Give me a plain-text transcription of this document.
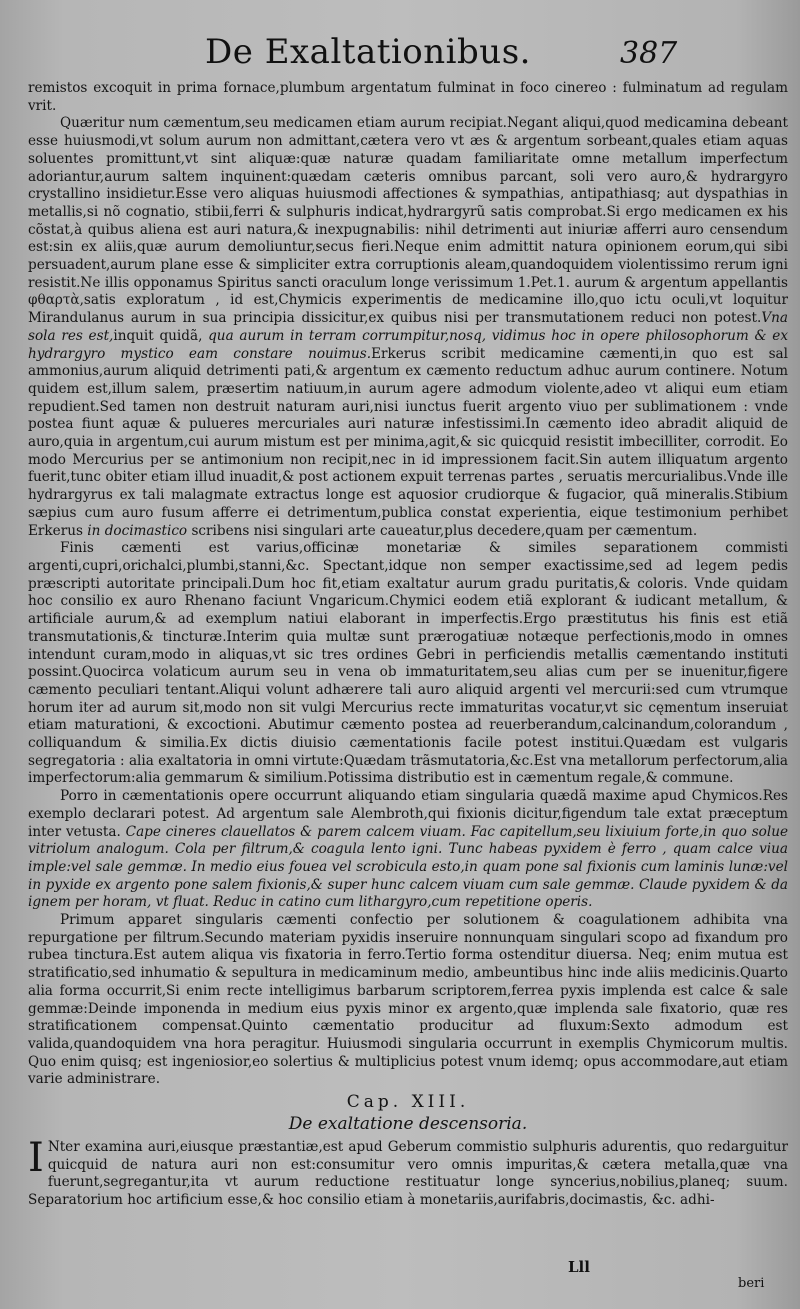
De Exaltationibus.	387

remistos excoquit in prima fornace,plumbum argentatum fulminat in foco cinereo : fulminatum ad regulam vrit.

Quæritur num cæmentum,seu medicamen etiam aurum recipiat.Negant aliqui,quod medicamina debeant esse huiusmodi,vt solum aurum non admittant,cætera vero vt æs & argentum sorbeant,quales etiam aquas soluentes promittunt,vt sint aliquæ:quæ naturæ quadam familiaritate omne metallum imperfectum adoriantur,aurum saltem inquinent:quædam cæteris omnibus parcant, soli vero auro,& hydrargyro crystallino insidietur.Esse vero aliquas huiusmodi affectiones & sympathias, antipathiasq; aut dyspathias in metallis,si nõ cognatio, stibii,ferri & sulphuris indicat,hydrargyrũ satis comprobat.Si ergo medicamen ex his cõstat,à quibus aliena est auri natura,& inexpugnabilis: nihil detrimenti aut iniuriæ afferri auro censendum est:sin ex aliis,quæ aurum demoliuntur,secus fieri.Neque enim admittit natura opinionem eorum,qui sibi persuadent,aurum plane esse & simpliciter extra corruptionis aleam,quandoquidem violentissimo rerum igni resistit.Ne illis opponamus Spiritus sancti oraculum longe verissimum 1.Pet.1. aurum & argentum appellantis φθαρτὰ,satis exploratum , id est,Chymicis experimentis de medicamine illo,quo ictu oculi,vt loquitur Mirandulanus aurum in sua principia dissicitur,ex quibus nisi per transmutationem reduci non potest.Vna sola res est,inquit quidã, qua aurum in terram corrumpitur,nosq, vidimus hoc in opere philosophorum & ex hydrargyro mystico eam constare nouimus.Erkerus scribit medicamine cæmenti,in quo est sal ammonius,aurum aliquid detrimenti pati,& argentum ex cæmento reductum adhuc aurum continere. Notum quidem est,illum salem, præsertim natiuum,in aurum agere admodum violente,adeo vt aliqui eum etiam repudient.Sed tamen non destruit naturam auri,nisi iunctus fuerit argento viuo per sublimationem : vnde postea fiunt aquæ & pulueres mercuriales auri naturæ infestissimi.In cæmento ideo abradit aliquid de auro,quia in argentum,cui aurum mistum est per minima,agit,& sic quicquid resistit imbecilliter, corrodit. Eo modo Mercurius per se antimonium non recipit,nec in id impressionem facit.Sin autem illiquatum argento fuerit,tunc obiter etiam illud inuadit,& post actionem expuit terrenas partes , seruatis mercurialibus.Vnde ille hydrargyrus ex tali malagmate extractus longe est aquosior crudiorque & fugacior, quã mineralis.Stibium sæpius cum auro fusum afferre ei detrimentum,publica constat experientia, eique testimonium perhibet Erkerus in docimastico scribens nisi singulari arte caueatur,plus decedere,quam per cæmentum.

Finis cæmenti est varius,officinæ monetariæ & similes separationem commisti argenti,cupri,orichalci,plumbi,stanni,&c. Spectant,idque non semper exactissime,sed ad legem pedis præscripti autoritate principali.Dum hoc fit,etiam exaltatur aurum gradu puritatis,& coloris. Vnde quidam hoc consilio ex auro Rhenano faciunt Vngaricum.Chymici eodem etiã explorant & iudicant metallum, & artificiale aurum,& ad exemplum natiui elaborant in imperfectis.Ergo præstitutus his finis est etiã transmutationis,& tincturæ.Interim quia multæ sunt prærogatiuæ notæque perfectionis,modo in omnes intendunt curam,modo in aliquas,vt sic tres ordines Gebri in perficiendis metallis cæmentando instituti possint.Quocirca volaticum aurum seu in vena ob immaturitatem,seu alias cum per se inuenitur,figere cæmento peculiari tentant.Aliqui volunt adhærere tali auro aliquid argenti vel mercurii:sed cum vtrumque horum iter ad aurum sit,modo non sit vulgi Mercurius recte immaturitas vocatur,vt sic cęmentum inseruiat etiam maturationi, & excoctioni. Abutimur cæmento postea ad reuerberandum,calcinandum,colorandum , colliquandum & similia.Ex dictis diuisio cæmentationis facile potest institui.Quædam est vulgaris segregatoria : alia exaltatoria in omni virtute:Quædam trãsmutatoria,&c.Est vna metallorum perfectorum,alia imperfectorum:alia gemmarum & similium.Potissima distributio est in cæmentum regale,& commune.

Porro in cæmentationis opere occurrunt aliquando etiam singularia quædã maxime apud Chymicos.Res exemplo declarari potest. Ad argentum sale Alembroth,qui fixionis dicitur,figendum tale extat præceptum inter vetusta. Cape cineres clauellatos & parem calcem viuam. Fac capitellum,seu lixiuium forte,in quo solue vitriolum analogum. Cola per filtrum,& coagula lento igni. Tunc habeas pyxidem è ferro , quam calce viua imple:vel sale gemmæ. In medio eius fouea vel scrobicula esto,in quam pone sal fixionis cum laminis lunæ:vel in pyxide ex argento pone salem fixionis,& super hunc calcem viuam cum sale gemmæ. Claude pyxidem & da ignem per horam, vt fluat. Reduc in catino cum lithargyro,cum repetitione operis.

Primum apparet singularis cæmenti confectio per solutionem & coagulationem adhibita vna repurgatione per filtrum.Secundo materiam pyxidis inseruire nonnunquam singulari scopo ad fixandum pro rubea tinctura.Est autem aliqua vis fixatoria in ferro.Tertio forma ostenditur diuersa. Neq; enim mutua est stratificatio,sed inhumatio & sepultura in medicaminum medio, ambeuntibus hinc inde aliis medicinis.Quarto alia forma occurrit,Si enim recte intelligimus barbarum scriptorem,ferrea pyxis implenda est calce & sale gemmæ:Deinde imponenda in medium eius pyxis minor ex argento,quæ implenda sale fixatorio, quæ res stratificationem compensat.Quinto cæmentatio producitur ad fluxum:Sexto admodum est valida,quandoquidem vna hora peragitur. Huiusmodi singularia occurrunt in exemplis Chymicorum multis. Quo enim quisq; est ingeniosior,eo solertius & multiplicius potest vnum idemq; opus accommodare,aut etiam varie administrare.

Cap. XIII.
De exaltatione descensoria.

I Nter examina auri,eiusque præstantiæ,est apud Geberum commistio sulphuris adurentis, quo redarguitur quicquid de natura auri non est:consumitur vero omnis impuritas,& cætera metalla,quæ vna fuerunt,segregantur,ita vt aurum reductione restituatur longe syncerius,nobilius,planeq; suum. Separatorium hoc artificium esse,& hoc consilio etiam à monetariis,aurifabris,docimastis, &c. adhi-

Lll
beri
